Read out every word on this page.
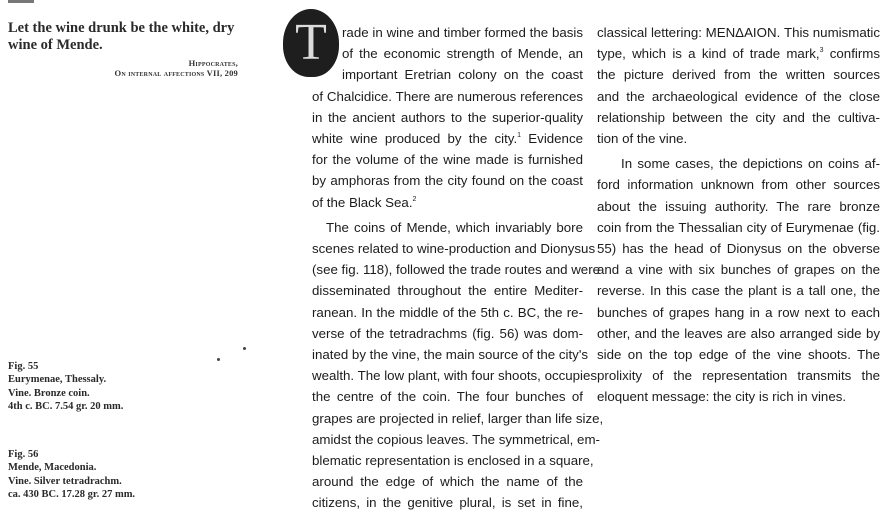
Let the wine drunk be the white, dry
wine of Mende.

Hippocrates,
On internal affections VII, 209
Fig. 55
Eurymenae, Thessaly.
Vine. Bronze coin.
4th c. BC. 7.54 gr. 20 mm.
Fig. 56
Mende, Macedonia.
Vine. Silver tetradrachm.
ca. 430 BC. 17.28 gr. 27 mm.
T	rade in wine and timber formed the basis
of the economic strength of Mende, an
important Eretrian colony on the coast
of Chalcidice. There are numerous references
in the ancient authors to the superior-quality
white wine produced by the city.$^1$ Evidence
for the volume of the wine made is furnished
by amphoras from the city found on the coast
of the Black Sea.$^2$
The coins of Mende, which invariably bore
scenes related to wine-production and Dionysus
(see fig. 118), followed the trade routes and were
disseminated throughout the entire Mediter-
ranean. In the middle of the 5th c. BC, the re-
verse of the tetradrachms (fig. 56) was dom-
inated by the vine, the main source of the city's
wealth. The low plant, with four shoots, occupies
the centre of the coin. The four bunches of
grapes are projected in relief, larger than life size,
amidst the copious leaves. The symmetrical, em-
blematic representation is enclosed in a square,
around the edge of which the name of the
citizens, in the genitive plural, is set in fine,
classical lettering: ΜΕΝΔΑΙΟΝ. This numismatic
type, which is a kind of trade mark,$^3$ confirms
the picture derived from the written sources
and the archaeological evidence of the close
relationship between the city and the cultiva-
tion of the vine.
In some cases, the depictions on coins af-
ford information unknown from other sources
about the issuing authority. The rare bronze
coin from the Thessalian city of Eurymenae (fig.
55) has the head of Dionysus on the obverse
and a vine with six bunches of grapes on the
reverse. In this case the plant is a tall one, the
bunches of grapes hang in a row next to each
other, and the leaves are also arranged side by
side on the top edge of the vine shoots. The
prolixity of the representation transmits the
eloquent message: the city is rich in vines.
